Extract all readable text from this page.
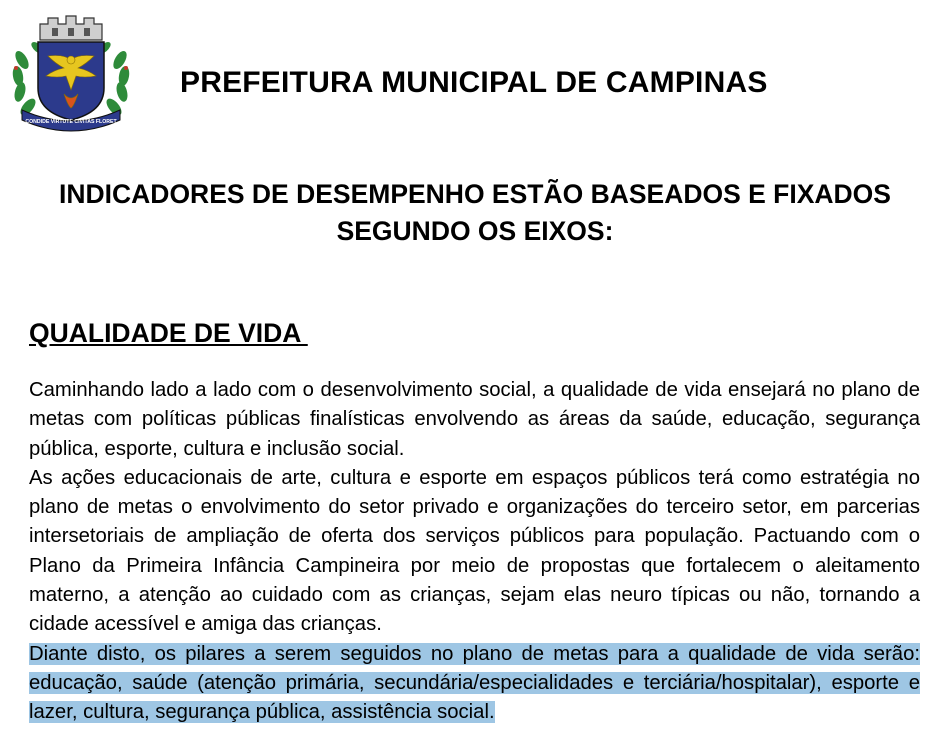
CONDIDE VIRTUTE CIVITAS FLORET
PREFEITURA MUNICIPAL DE CAMPINAS
INDICADORES DE DESEMPENHO ESTÃO BASEADOS E FIXADOS
SEGUNDO OS EIXOS:
QUALIDADE DE VIDA
Caminhando lado a lado com o desenvolvimento social, a qualidade de vida ensejará no plano de metas com políticas públicas finalísticas envolvendo as áreas da saúde, educação, segurança pública, esporte, cultura e inclusão social.
As ações educacionais de arte, cultura e esporte em espaços públicos terá como estratégia no plano de metas o envolvimento do setor privado e organizações do terceiro setor, em parcerias intersetoriais de ampliação de oferta dos serviços públicos para população. Pactuando com o Plano da Primeira Infância Campineira por meio de propostas que fortalecem o aleitamento materno, a atenção ao cuidado com as crianças, sejam elas neuro típicas ou não, tornando a cidade acessível e amiga das crianças.
Diante disto, os pilares a serem seguidos no plano de metas para a qualidade de vida serão: educação, saúde (atenção primária, secundária/especialidades e terciária/hospitalar), esporte e lazer, cultura, segurança pública, assistência social.
